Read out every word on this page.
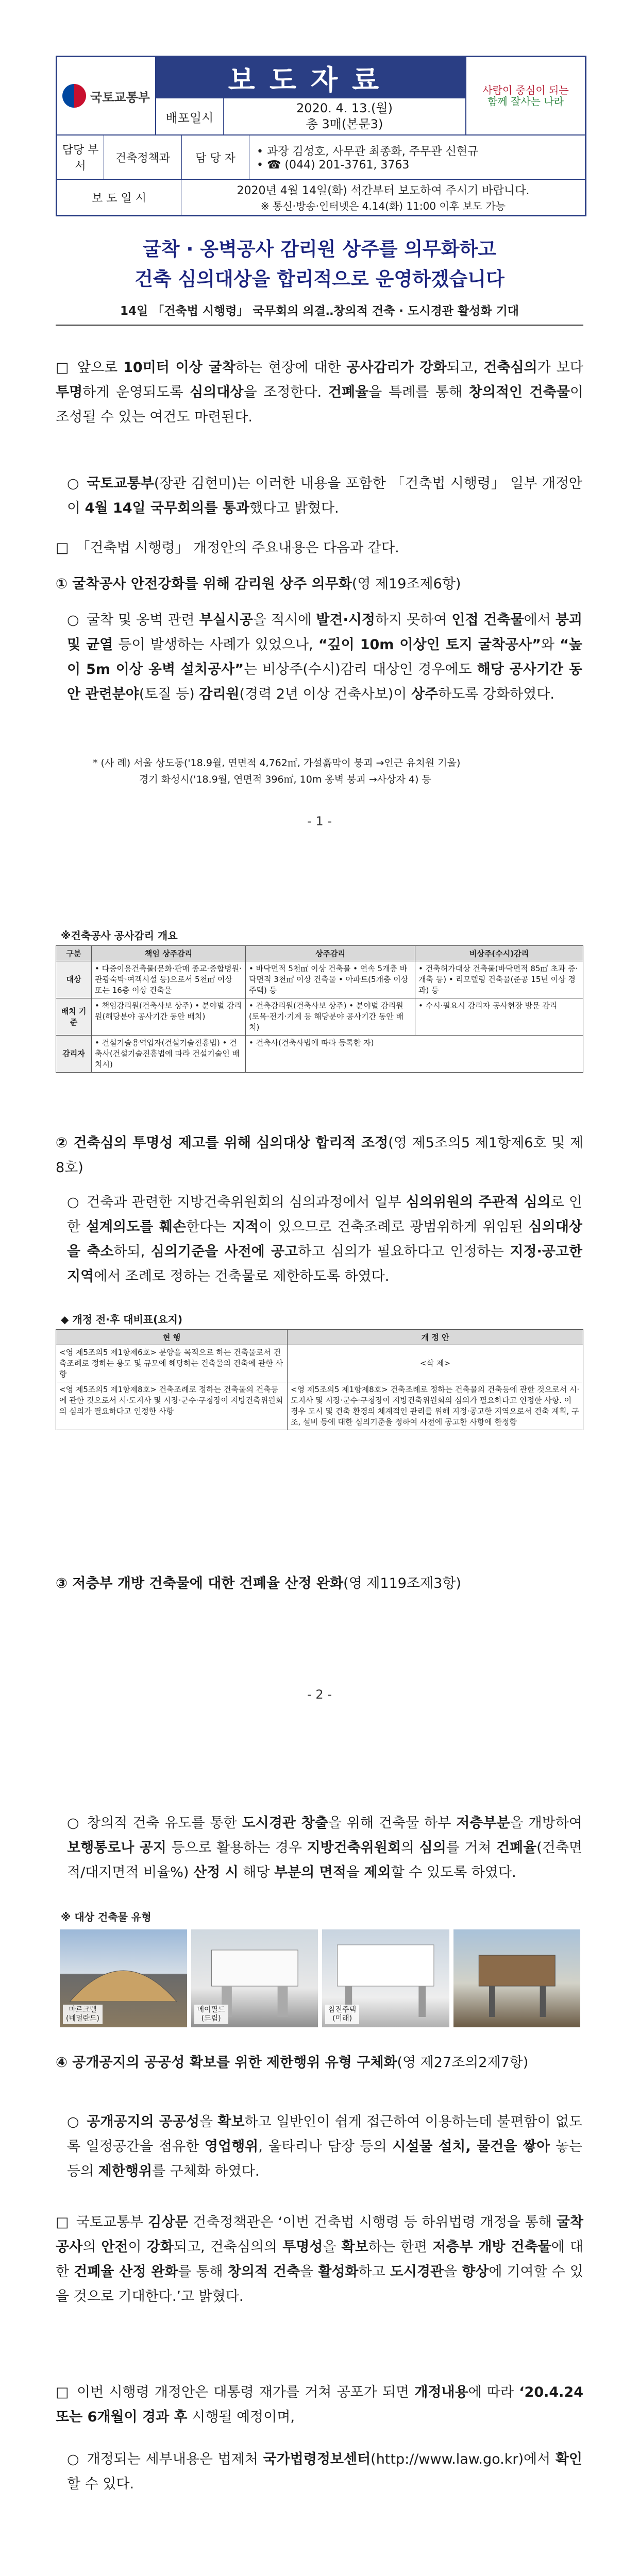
국토교통부
보도자료
배포일시
2020. 4. 13.(월)
총 3매(본문3)
사람이 중심이 되는
함께 잘사는 나라
담당 부서
건축정책과	담 당 자	• 과장 김성호, 사무관 최종화, 주무관 신현규
• ☎ (044) 201-3761, 3763
보 도 일 시
2020년 4월 14일(화) 석간부터 보도하여 주시기 바랍니다.
※ 통신·방송·인터넷은 4.14(화) 11:00 이후 보도 가능
굴착 · 옹벽공사 감리원 상주를 의무화하고
건축 심의대상을 합리적으로 운영하겠습니다
14일 「건축법 시행령」 국무회의 의결‥창의적 건축 · 도시경관 활성화 기대
□ 앞으로 10미터 이상 굴착하는 현장에 대한 공사감리가 강화되고, 건축심의가 보다 투명하게 운영되도록 심의대상을 조정한다. 건폐율을 특례를 통해 창의적인 건축물이 조성될 수 있는 여건도 마련된다.
○ 국토교통부(장관 김현미)는 이러한 내용을 포함한 「건축법 시행령」 일부 개정안이 4월 14일 국무회의를 통과했다고 밝혔다.
□ 「건축법 시행령」 개정안의 주요내용은 다음과 같다.
① 굴착공사 안전강화를 위해 감리원 상주 의무화(영 제19조제6항)
○ 굴착 및 옹벽 관련 부실시공을 적시에 발견·시정하지 못하여 인접 건축물에서 붕괴 및 균열 등이 발생하는 사례가 있었으나, “깊이 10m 이상인 토지 굴착공사”와 “높이 5m 이상 옹벽 설치공사”는 비상주(수시)감리 대상인 경우에도 해당 공사기간 동안 관련분야(토질 등) 감리원(경력 2년 이상 건축사보)이 상주하도록 강화하였다.
* (사 례) 서울 상도동('18.9월, 연면적 4,762㎡, 가설흙막이 붕괴 →인근 유치원 기울)
경기 화성시('18.9월, 연면적 396㎡, 10m 옹벽 붕괴 →사상자 4) 등
- 1 -
※건축공사 공사감리 개요
구분	책임 상주감리	상주감리	비상주(수시)감리
대상	• 다중이용건축물(문화·판매 종교·종합병원·관광숙박·여객시설 등)으로서 5천㎡ 이상 또는 16층 이상 건축물	• 바닥면적 5천㎡ 이상 건축물 • 연속 5개층 바닥면적 3천㎡ 이상 건축물 • 아파트(5개층 이상 주택) 등	• 건축허가대상 건축물(바닥면적 85㎡ 초과 증·개축 등) • 리모델링 건축물(준공 15년 이상 경과) 등
배치 기준	• 책임감리원(건축사보 상주) • 분야별 감리원(해당분야 공사기간 동안 배치)	• 건축감리원(건축사보 상주) • 분야별 감리원(토목·전기·기계 등 해당분야 공사기간 동안 배치)	• 수시·필요시 감리자 공사현장 방문 감리
감리자	• 건설기술용역업자(건설기술진흥법) • 건축사(건설기술진흥법에 따라 건설기술인 배치시)	• 건축사(건축사법에 따라 등록한 자)	
② 건축심의 투명성 제고를 위해 심의대상 합리적 조정(영 제5조의5 제1항제6호 및 제8호)
○ 건축과 관련한 지방건축위원회의 심의과정에서 일부 심의위원의 주관적 심의로 인한 설계의도를 훼손한다는 지적이 있으므로 건축조례로 광범위하게 위임된 심의대상을 축소하되, 심의기준을 사전에 공고하고 심의가 필요하다고 인정하는 지정·공고한 지역에서 조례로 정하는 건축물로 제한하도록 하였다.
◆ 개정 전·후 대비표(요지)
현 행	개 정 안
<영 제5조의5 제1항제6호> 분양을 목적으로 하는 건축물로서 건축조례로 정하는 용도 및 규모에 해당하는 건축물의 건축에 관한 사항	<삭 제>
<영 제5조의5 제1항제8호> 건축조례로 정하는 건축물의 건축등에 관한 것으로서 시·도지사 및 시장·군수·구청장이 지방건축위원회의 심의가 필요하다고 인정한 사항	<영 제5조의5 제1항제8호> 건축조례로 정하는 건축물의 건축등에 관한 것으로서 시·도지사 및 시장·군수·구청장이 지방건축위원회의 심의가 필요하다고 인정한 사항. 이 경우 도시 및 건축 환경의 체계적인 관리를 위해 지정·공고한 지역으로서 건축 계획, 구조, 설비 등에 대한 심의기준을 정하여 사전에 공고한 사항에 한정함
③ 저층부 개방 건축물에 대한 건폐율 산정 완화(영 제119조제3항)
- 2 -
○ 창의적 건축 유도를 통한 도시경관 창출을 위해 건축물 하부 저층부분을 개방하여 보행통로나 공지 등으로 활용하는 경우 지방건축위원회의 심의를 거쳐 건폐율(건축면적/대지면적 비율%) 산정 시 해당 부분의 면적을 제외할 수 있도록 하였다.
※ 대상 건축물 유형
마르크텔
(네덜란드)
메이필드
(드림)
참전주택
(미래)
④ 공개공지의 공공성 확보를 위한 제한행위 유형 구체화(영 제27조의2제7항)
○ 공개공지의 공공성을 확보하고 일반인이 쉽게 접근하여 이용하는데 불편함이 없도록 일정공간을 점유한 영업행위, 울타리나 담장 등의 시설물 설치, 물건을 쌓아 놓는 등의 제한행위를 구체화 하였다.
□ 국토교통부 김상문 건축정책관은 ‘이번 건축법 시행령 등 하위법령 개정을 통해 굴착공사의 안전이 강화되고, 건축심의의 투명성을 확보하는 한편 저층부 개방 건축물에 대한 건폐율 산정 완화를 통해 창의적 건축을 활성화하고 도시경관을 향상에 기여할 수 있을 것으로 기대한다.’고 밝혔다.
□ 이번 시행령 개정안은 대통령 재가를 거쳐 공포가 되면 개정내용에 따라 ‘20.4.24 또는 6개월이 경과 후 시행될 예정이며,
○ 개정되는 세부내용은 법제처 국가법령정보센터(http://www.law.go.kr)에서 확인할 수 있다.
